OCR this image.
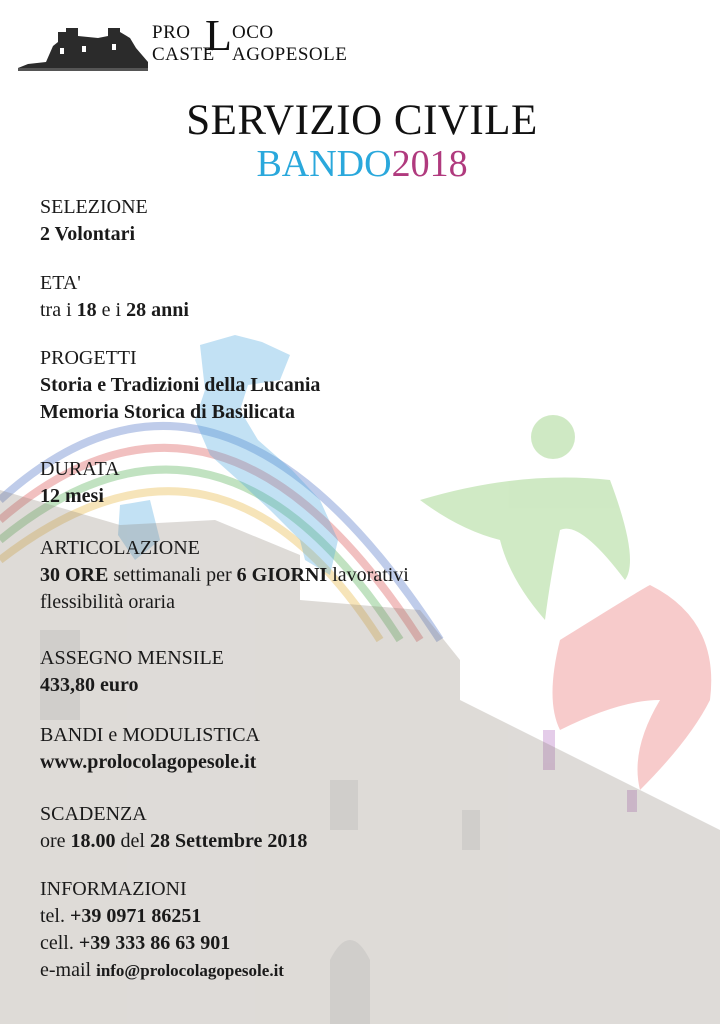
PRO L OCO
CASTE AGOPESOLE
SERVIZIO CIVILE
BANDO2018
SELEZIONE
2 Volontari
ETA'
tra i 18 e i 28 anni
PROGETTI
Storia e Tradizioni della Lucania
Memoria Storica di Basilicata
DURATA
12 mesi
ARTICOLAZIONE
30 ORE settimanali per 6 GIORNI lavorativi
flessibilità oraria
ASSEGNO MENSILE
433,80 euro
BANDI e MODULISTICA
www.prolocolagopesole.it
SCADENZA
ore 18.00 del 28 Settembre 2018
INFORMAZIONI
tel. +39 0971 86251
cell. +39 333 86 63 901
e-mail info@prolocolagopesole.it
